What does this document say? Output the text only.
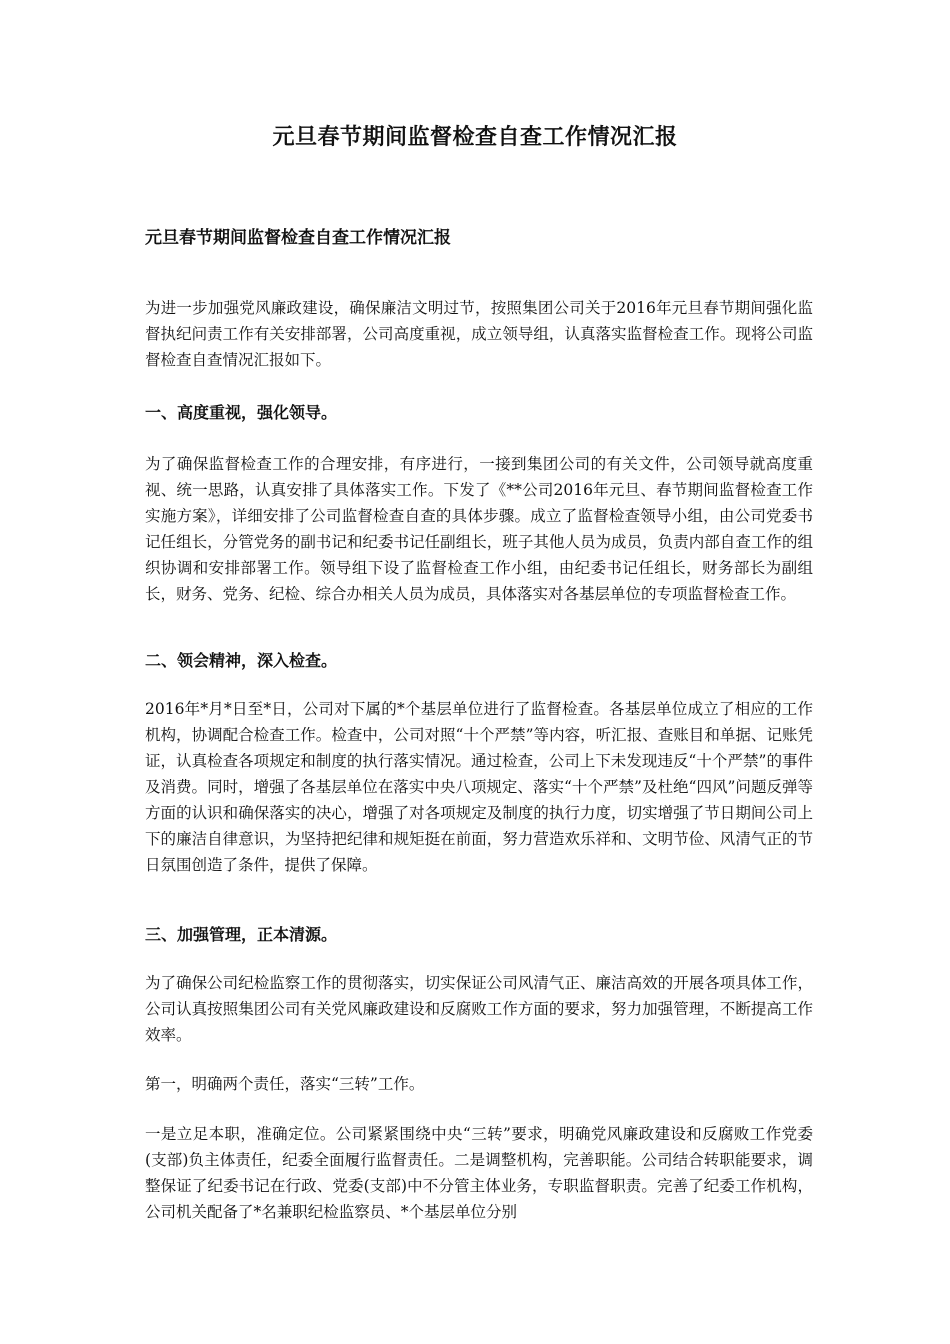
元旦春节期间监督检查自查工作情况汇报
元旦春节期间监督检查自查工作情况汇报

为进一步加强党风廉政建设，确保廉洁文明过节，按照集团公司关于2016年元旦春节期间强化监督执纪问责工作有关安排部署，公司高度重视，成立领导组，认真落实监督检查工作。现将公司监督检查自查情况汇报如下。

一、高度重视，强化领导。

为了确保监督检查工作的合理安排，有序进行，一接到集团公司的有关文件，公司领导就高度重视、统一思路，认真安排了具体落实工作。下发了《**公司2016年元旦、春节期间监督检查工作实施方案》，详细安排了公司监督检查自查的具体步骤。成立了监督检查领导小组，由公司党委书记任组长，分管党务的副书记和纪委书记任副组长，班子其他人员为成员，负责内部自查工作的组织协调和安排部署工作。领导组下设了监督检查工作小组，由纪委书记任组长，财务部长为副组长，财务、党务、纪检、综合办相关人员为成员，具体落实对各基层单位的专项监督检查工作。

二、领会精神，深入检查。

2016年*月*日至*日，公司对下属的*个基层单位进行了监督检查。各基层单位成立了相应的工作机构，协调配合检查工作。检查中，公司对照“十个严禁”等内容，听汇报、查账目和单据、记账凭证，认真检查各项规定和制度的执行落实情况。通过检查，公司上下未发现违反“十个严禁”的事件及消费。同时，增强了各基层单位在落实中央八项规定、落实“十个严禁”及杜绝“四风”问题反弹等方面的认识和确保落实的决心，增强了对各项规定及制度的执行力度，切实增强了节日期间公司上下的廉洁自律意识，为坚持把纪律和规矩挺在前面，努力营造欢乐祥和、文明节俭、风清气正的节日氛围创造了条件，提供了保障。

三、加强管理，正本清源。

为了确保公司纪检监察工作的贯彻落实，切实保证公司风清气正、廉洁高效的开展各项具体工作，公司认真按照集团公司有关党风廉政建设和反腐败工作方面的要求，努力加强管理，不断提高工作效率。

第一，明确两个责任，落实“三转”工作。

一是立足本职，准确定位。公司紧紧围绕中央“三转”要求，明确党风廉政建设和反腐败工作党委(支部)负主体责任，纪委全面履行监督责任。二是调整机构，完善职能。公司结合转职能要求，调整保证了纪委书记在行政、党委(支部)中不分管主体业务，专职监督职责。完善了纪委工作机构，公司机关配备了*名兼职纪检监察员、*个基层单位分别
